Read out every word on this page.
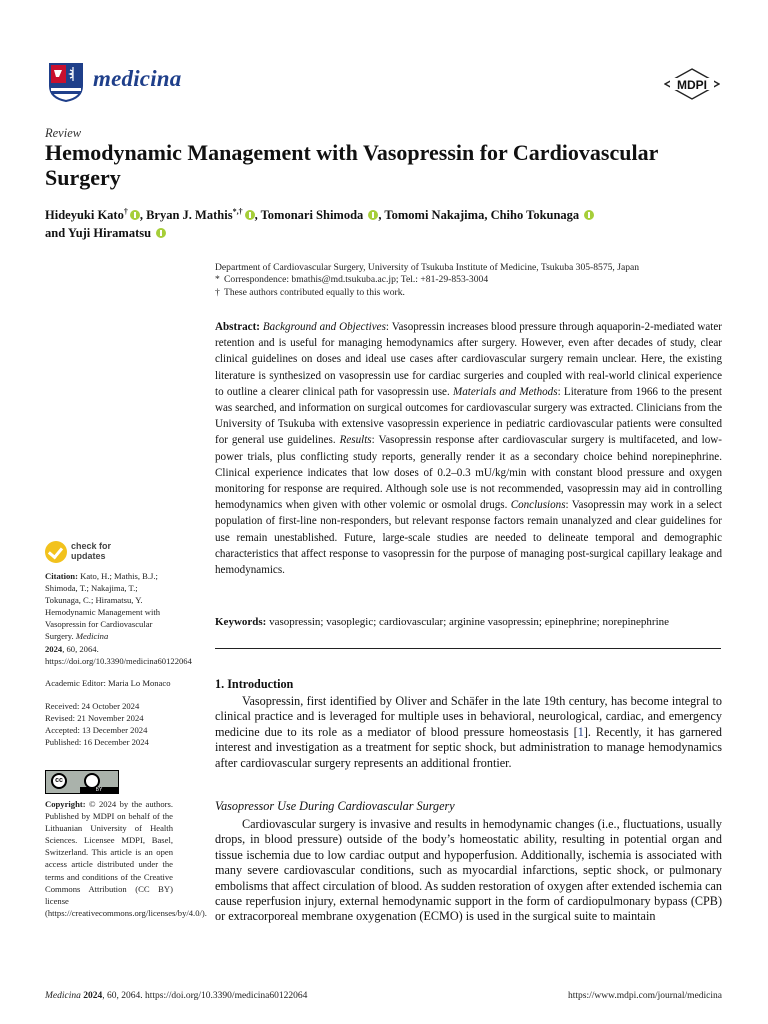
medicina	MDPI
Review
Hemodynamic Management with Vasopressin for Cardiovascular Surgery
Hideyuki Kato† , Bryan J. Mathis*,† , Tomonari Shimoda , Tomomi Nakajima, Chiho Tokunaga
and Yuji Hiramatsu
Department of Cardiovascular Surgery, University of Tsukuba Institute of Medicine, Tsukuba 305-8575, Japan
* Correspondence: bmathis@md.tsukuba.ac.jp; Tel.: +81-29-853-3004
† These authors contributed equally to this work.
Abstract: Background and Objectives: Vasopressin increases blood pressure through aquaporin-2-mediated water retention and is useful for managing hemodynamics after surgery. However, even after decades of study, clear clinical guidelines on doses and ideal use cases after cardiovascular surgery remain unclear. Here, the existing literature is synthesized on vasopressin use for cardiac surgeries and coupled with real-world clinical experience to outline a clearer clinical path for vasopressin use. Materials and Methods: Literature from 1966 to the present was searched, and information on surgical outcomes for cardiovascular surgery was extracted. Clinicians from the University of Tsukuba with extensive vasopressin experience in pediatric cardiovascular patients were consulted for general use guidelines. Results: Vasopressin response after cardiovascular surgery is multifaceted, and low-power trials, plus conflicting study reports, generally render it as a secondary choice behind norepinephrine. Clinical experience indicates that low doses of 0.2–0.3 mU/kg/min with constant blood pressure and oxygen monitoring for response are required. Although sole use is not recommended, vasopressin may aid in controlling hemodynamics when given with other volemic or osmolal drugs. Conclusions: Vasopressin may work in a select population of first-line non-responders, but relevant response factors remain unanalyzed and clear guidelines for use remain unestablished. Future, large-scale studies are needed to delineate temporal and demographic characteristics that affect response to vasopressin for the purpose of managing post-surgical capillary leakage and hemodynamics.
Keywords: vasopressin; vasoplegic; cardiovascular; arginine vasopressin; epinephrine; norepinephrine
check for
updates
Citation: Kato, H.; Mathis, B.J.; Shimoda, T.; Nakajima, T.; Tokunaga, C.; Hiramatsu, Y. Hemodynamic Management with Vasopressin for Cardiovascular Surgery. Medicina
2024, 60, 2064. https://doi.org/10.3390/medicina60122064
Academic Editor: Maria Lo Monaco
Received: 24 October 2024
Revised: 21 November 2024
Accepted: 13 December 2024
Published: 16 December 2024
cc
BY
Copyright: © 2024 by the authors. Published by MDPI on behalf of the Lithuanian University of Health Sciences. Licensee MDPI, Basel, Switzerland. This article is an open access article distributed under the terms and conditions of the Creative Commons Attribution (CC BY) license (https://creativecommons.org/licenses/by/4.0/).
1. Introduction
Vasopressin, first identified by Oliver and Schäfer in the late 19th century, has become integral to clinical practice and is leveraged for multiple uses in behavioral, neurological, cardiac, and emergency medicine due to its role as a mediator of blood pressure homeostasis [1]. Recently, it has garnered interest and investigation as a treatment for septic shock, but administration to manage hemodynamics after cardiovascular surgery represents an additional frontier.
Vasopressor Use During Cardiovascular Surgery
Cardiovascular surgery is invasive and results in hemodynamic changes (i.e., fluctuations, usually drops, in blood pressure) outside of the body’s homeostatic ability, resulting in potential organ and tissue ischemia due to low cardiac output and hypoperfusion. Additionally, ischemia is associated with many severe cardiovascular conditions, such as myocardial infarctions, septic shock, or pulmonary embolisms that affect circulation of blood. As sudden restoration of oxygen after extended ischemia can cause reperfusion injury, external hemodynamic support in the form of cardiopulmonary bypass (CPB) or extracorporeal membrane oxygenation (ECMO) is used in the surgical suite to maintain
Medicina 2024, 60, 2064. https://doi.org/10.3390/medicina60122064	https://www.mdpi.com/journal/medicina
